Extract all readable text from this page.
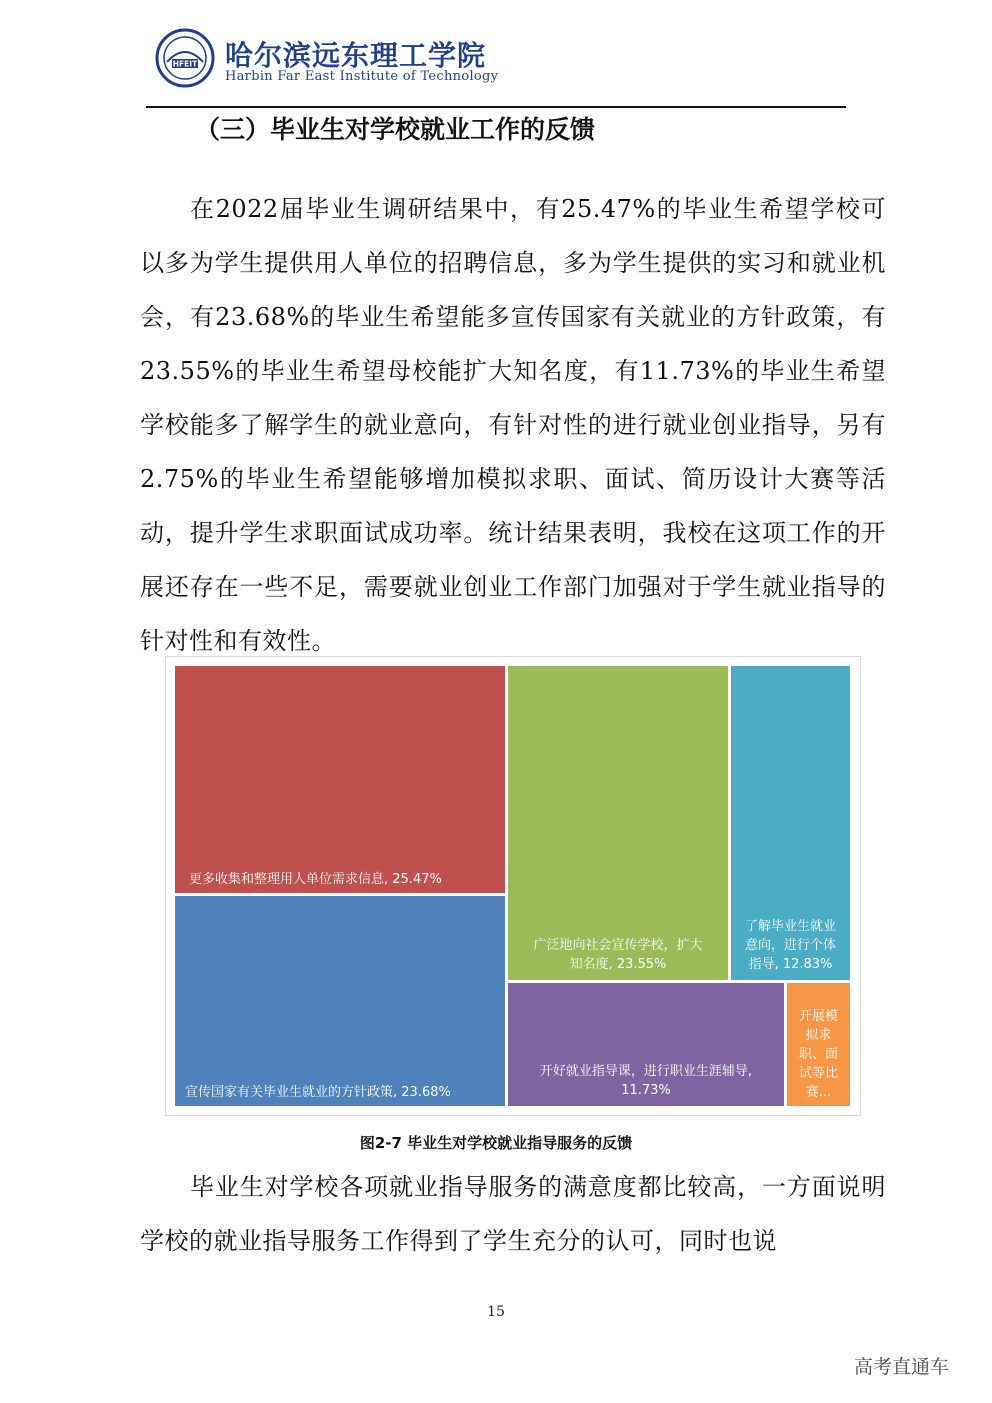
HFEIT 哈尔滨远东理工学院
Harbin Far East Institute of Technology
（三）毕业生对学校就业工作的反馈

在2022届毕业生调研结果中，有25.47%的毕业生希望学校可以多为学生提供用人单位的招聘信息，多为学生提供的实习和就业机会，有23.68%的毕业生希望能多宣传国家有关就业的方针政策，有23.55%的毕业生希望母校能扩大知名度，有11.73%的毕业生希望学校能多了解学生的就业意向，有针对性的进行就业创业指导，另有2.75%的毕业生希望能够增加模拟求职、面试、简历设计大赛等活动，提升学生求职面试成功率。统计结果表明，我校在这项工作的开展还存在一些不足，需要就业创业工作部门加强对于学生就业指导的针对性和有效性。

更多收集和整理用人单位需求信息, 25.47%
宣传国家有关毕业生就业的方针政策, 23.68%
广泛地向社会宣传学校，扩大知名度, 23.55%
了解毕业生就业意向，进行个体指导, 12.83%
开好就业指导课，进行职业生涯辅导, 11.73%
开展模拟求职、面试等比赛...
图2-7 毕业生对学校就业指导服务的反馈

毕业生对学校各项就业指导服务的满意度都比较高，一方面说明学校的就业指导服务工作得到了学生充分的认可，同时也说

15
高考直通车
